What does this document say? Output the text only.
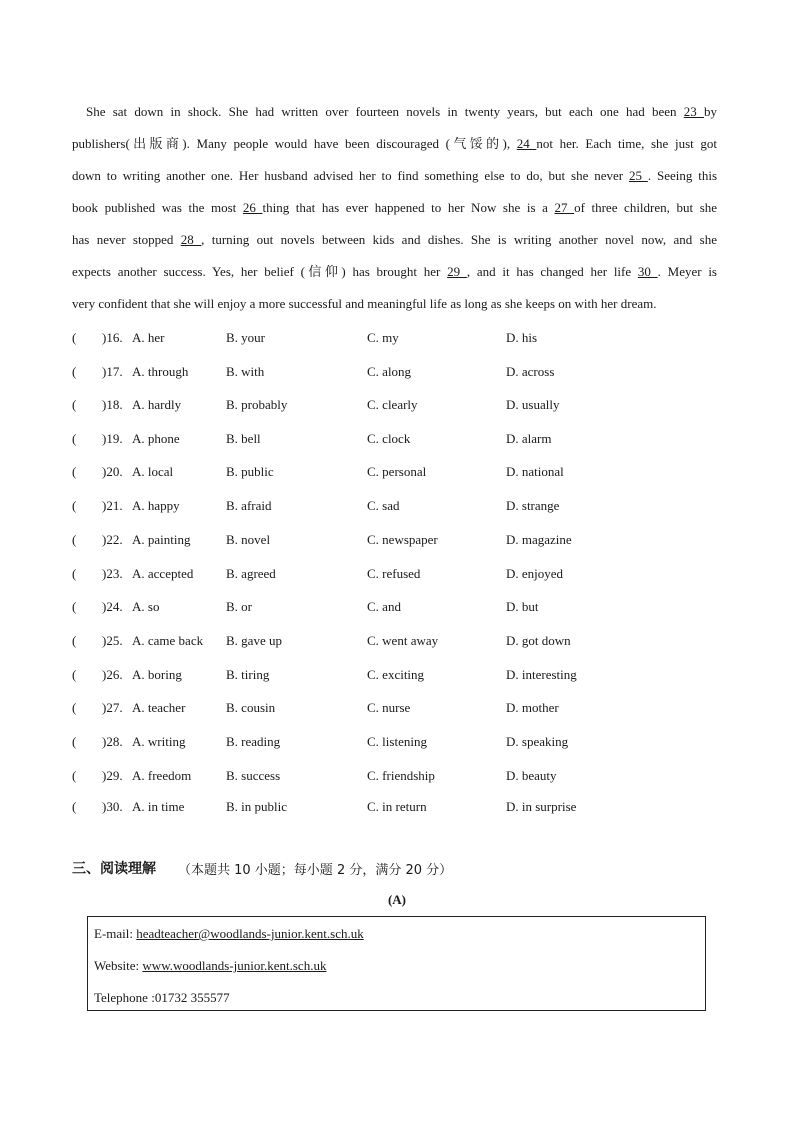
She sat down in shock. She had written over fourteen novels in twenty years, but each one had been 23 by
publishers(出版商). Many people would have been discouraged (气馁的), 24 not her. Each time, she just got
down to writing another one. Her husband advised her to find something else to do, but she never 25 . Seeing this
book published was the most 26 thing that has ever happened to her Now she is a 27 of three children, but she
has never stopped 28 , turning out novels between kids and dishes. She is writing another novel now, and she
expects another success. Yes, her belief (信仰) has brought her 29 , and it has changed her life 30 . Meyer is
very confident that she will enjoy a more successful and meaningful life as long as she keeps on with her dream.
( )16. A. her	B. your	C. my	D. his
( )17. A. through	B. with	C. along	D. across
( )18. A. hardly	B. probably	C. clearly	D. usually
( )19. A. phone	B. bell	C. clock	D. alarm
( )20. A. local	B. public	C. personal	D. national
( )21. A. happy	B. afraid	C. sad	D. strange
( )22. A. painting	B. novel	C. newspaper	D. magazine
( )23. A. accepted	B. agreed	C. refused	D. enjoyed
( )24. A. so	B. or	C. and	D. but
( )25. A. came back B. gave up	C. went away	D. got down
( )26. A. boring	B. tiring	C. exciting	D. interesting
( )27. A. teacher	B. cousin	C. nurse	D. mother
( )28. A. writing	B. reading	C. listening	D. speaking
( )29. A. freedom	B. success	C. friendship	D. beauty
( )30. A. in time	B. in public	C. in return	D. in surprise
三、阅读理解 （本题共 10 小题；每小题 2 分，满分 20 分）
(A)
E-mail: headteacher@woodlands-junior.kent.sch.uk
Website: www.woodlands-junior.kent.sch.uk
Telephone :01732 355577
